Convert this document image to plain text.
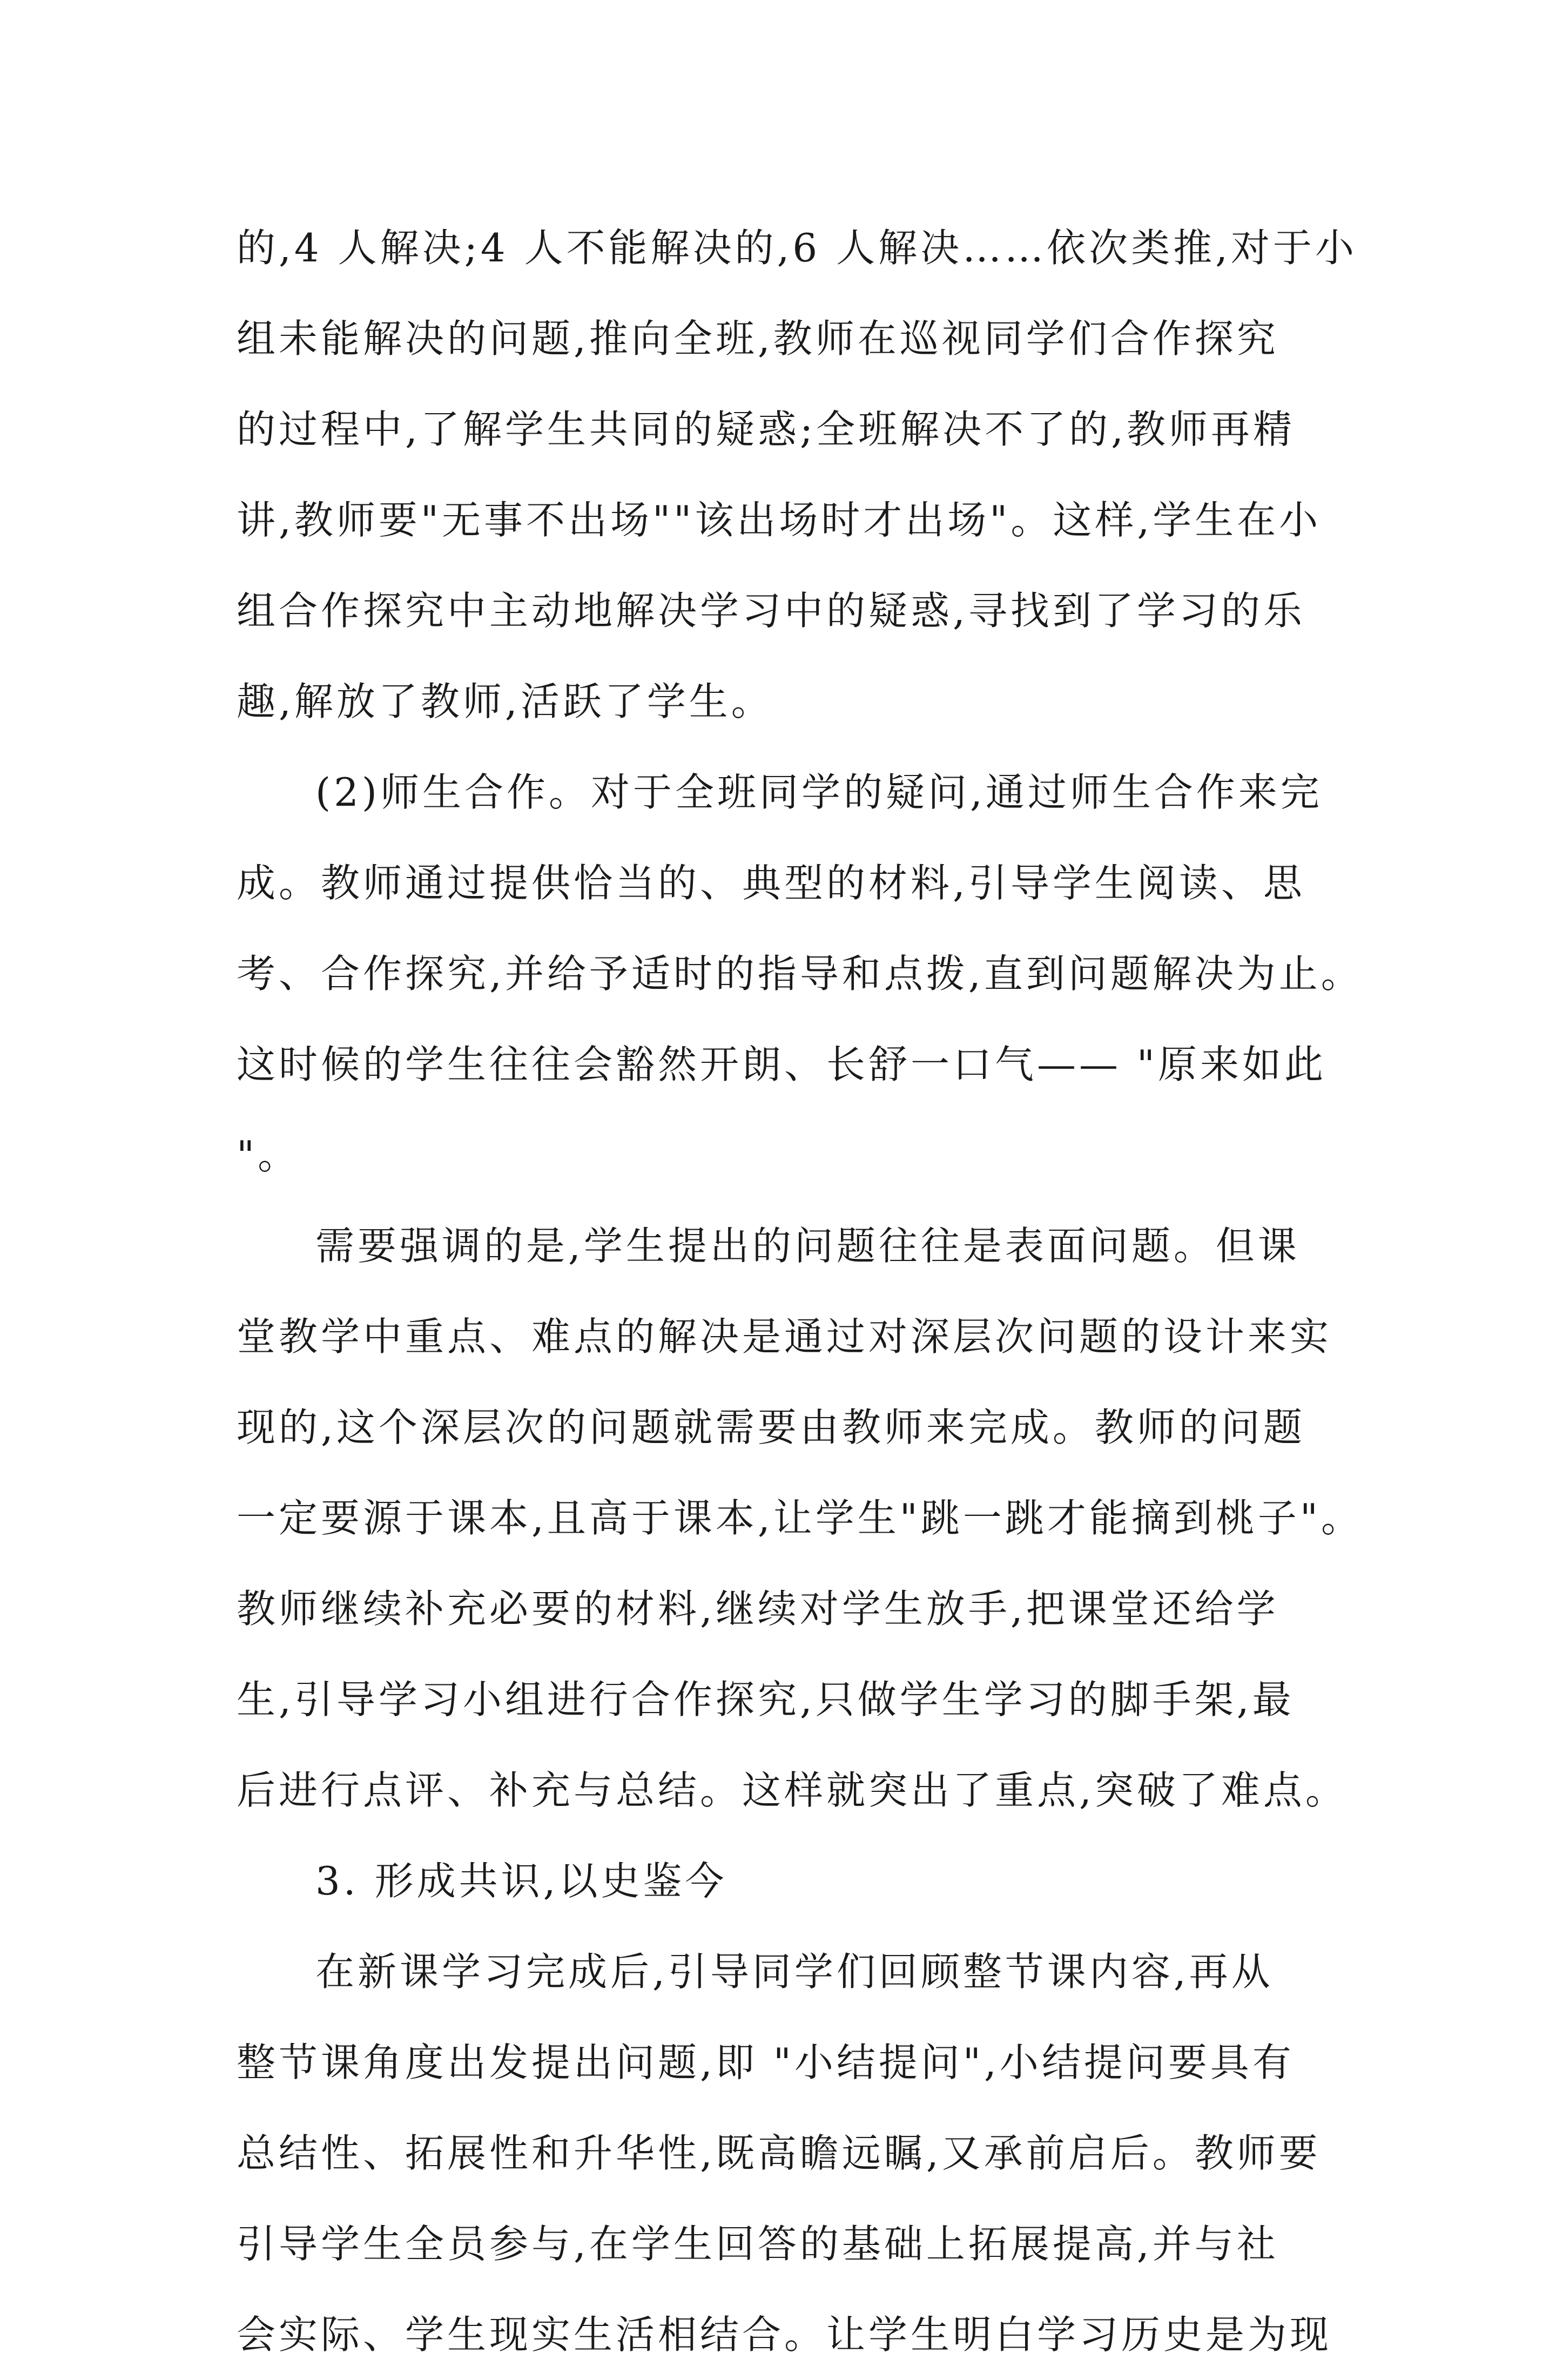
的,4 人解决;4 人不能解决的,6 人解决……依次类推,对于小
组未能解决的问题,推向全班,教师在巡视同学们合作探究
的过程中,了解学生共同的疑惑;全班解决不了的,教师再精
讲,教师要"无事不出场""该出场时才出场"。这样,学生在小
组合作探究中主动地解决学习中的疑惑,寻找到了学习的乐
趣,解放了教师,活跃了学生。
(2)师生合作。对于全班同学的疑问,通过师生合作来完
成。教师通过提供恰当的、典型的材料,引导学生阅读、思
考、合作探究,并给予适时的指导和点拨,直到问题解决为止。
这时候的学生往往会豁然开朗、长舒一口气—— "原来如此
"。
需要强调的是,学生提出的问题往往是表面问题。但课
堂教学中重点、难点的解决是通过对深层次问题的设计来实
现的,这个深层次的问题就需要由教师来完成。教师的问题
一定要源于课本,且高于课本,让学生"跳一跳才能摘到桃子"。
教师继续补充必要的材料,继续对学生放手,把课堂还给学
生,引导学习小组进行合作探究,只做学生学习的脚手架,最
后进行点评、补充与总结。这样就突出了重点,突破了难点。
3. 形成共识,以史鉴今
在新课学习完成后,引导同学们回顾整节课内容,再从
整节课角度出发提出问题,即 "小结提问",小结提问要具有
总结性、拓展性和升华性,既高瞻远瞩,又承前启后。教师要
引导学生全员参与,在学生回答的基础上拓展提高,并与社
会实际、学生现实生活相结合。让学生明白学习历史是为现
